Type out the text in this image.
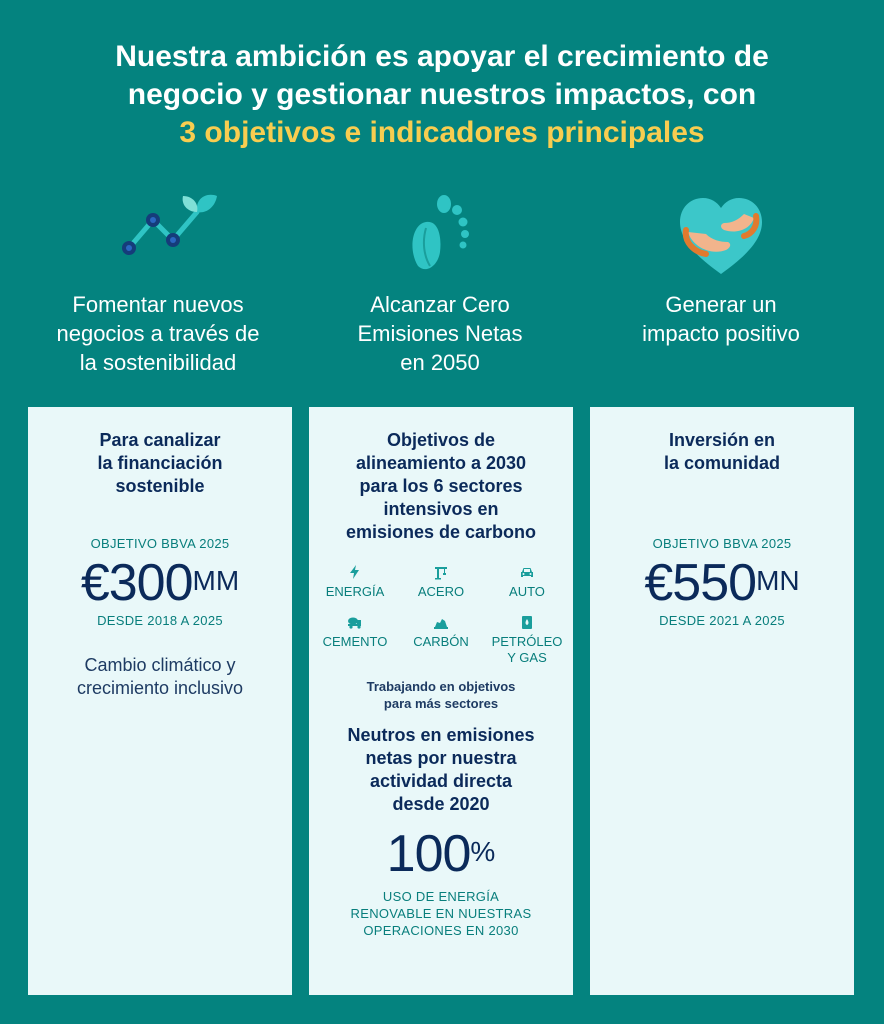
Nuestra ambición es apoyar el crecimiento de
negocio y gestionar nuestros impactos, con
3 objetivos e indicadores principales
Fomentar nuevos
negocios a través de
la sostenibilidad
Alcanzar Cero
Emisiones Netas
en 2050
Generar un
impacto positivo
Para canalizar
la financiación
sostenible
OBJETIVO BBVA 2025
$€300^{MM}$
DESDE 2018 A 2025
Cambio climático y
crecimiento inclusivo
Objetivos de
alineamiento a 2030
para los 6 sectores
intensivos en
emisiones de carbono
ENERGÍA	ACERO	AUTO
CEMENTO CARBÓN PETRÓLEO
Y GAS
Trabajando en objetivos
para más sectores
Neutros en emisiones
netas por nuestra
actividad directa
desde 2020
100%
USO DE ENERGÍA
RENOVABLE EN NUESTRAS
OPERACIONES EN 2030
Inversión en
la comunidad
OBJETIVO BBVA 2025
$€550^{MN}$
DESDE 2021 A 2025
